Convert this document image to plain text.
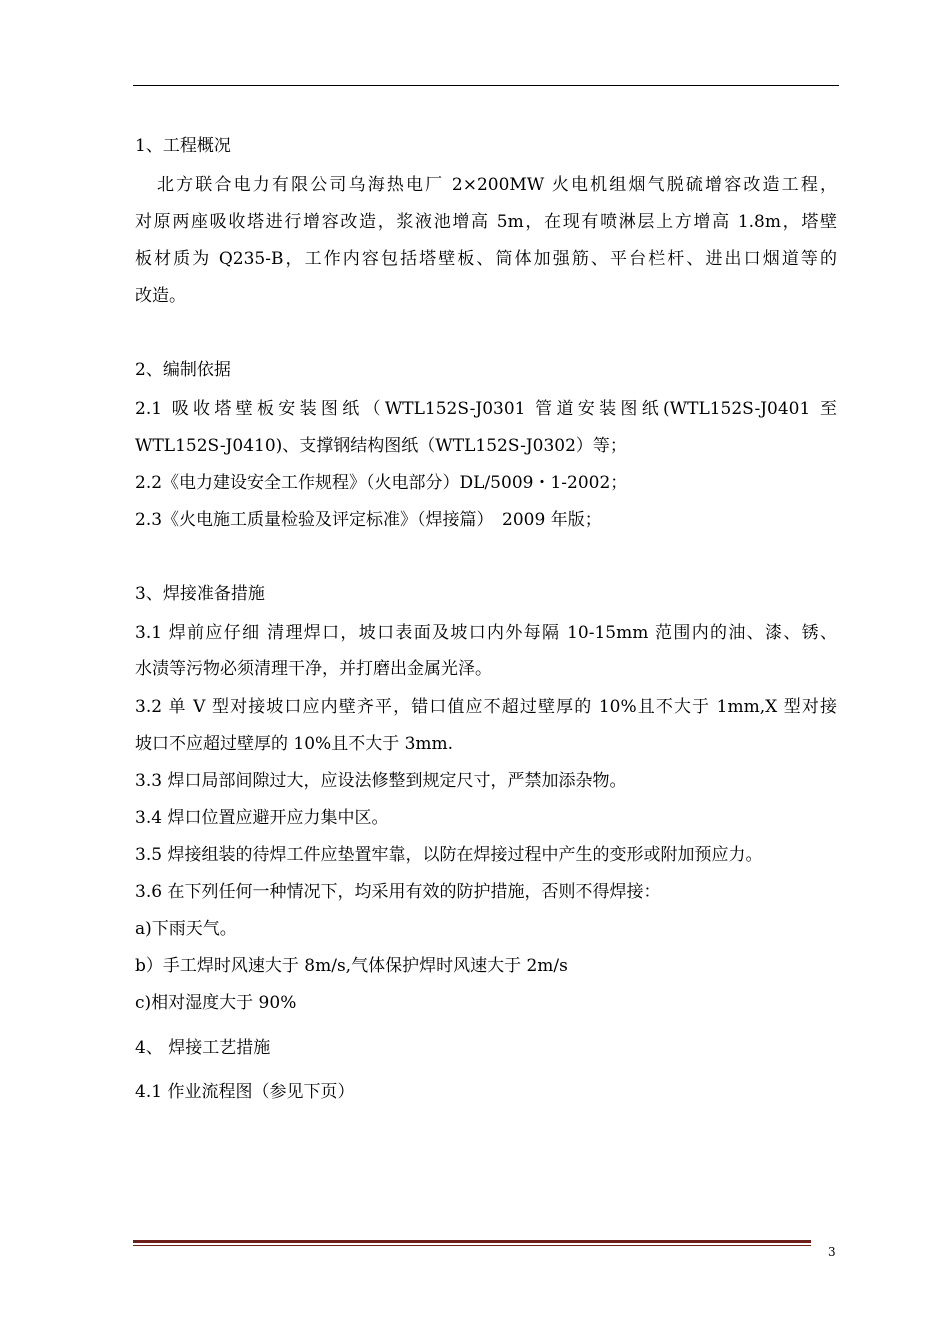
1、工程概况

北方联合电力有限公司乌海热电厂 2×200MW 火电机组烟气脱硫增容改造工程，

对原两座吸收塔进行增容改造，浆液池增高 5m，在现有喷淋层上方增高 1.8m，塔壁

板材质为 Q235-B，工作内容包括塔壁板、筒体加强筋、平台栏杆、进出口烟道等的

改造。

2、编制依据

2.1 吸收塔壁板安装图纸（WTL152S-J0301 管道安装图纸(WTL152S-J0401 至

WTL152S-J0410)、支撑钢结构图纸（WTL152S-J0302）等；

2.2《电力建设安全工作规程》（火电部分）DL/5009・1-2002；

2.3《火电施工质量检验及评定标准》（焊接篇）　2009 年版；

3、焊接准备措施

3.1 焊前应仔细 清理焊口，坡口表面及坡口内外每隔 10-15mm 范围内的油、漆、锈、

水渍等污物必须清理干净，并打磨出金属光泽。

3.2 单 V 型对接坡口应内壁齐平，错口值应不超过壁厚的 10%且不大于 1mm,X 型对接

坡口不应超过壁厚的 10%且不大于 3mm.

3.3 焊口局部间隙过大，应设法修整到规定尺寸，严禁加添杂物。

3.4 焊口位置应避开应力集中区。

3.5 焊接组装的待焊工件应垫置牢靠，以防在焊接过程中产生的变形或附加预应力。

3.6 在下列任何一种情况下，均采用有效的防护措施，否则不得焊接：

a)下雨天气。

b）手工焊时风速大于 8m/s,气体保护焊时风速大于 2m/s

c)相对湿度大于 90%

4、 焊接工艺措施

4.1 作业流程图（参见下页）

3
